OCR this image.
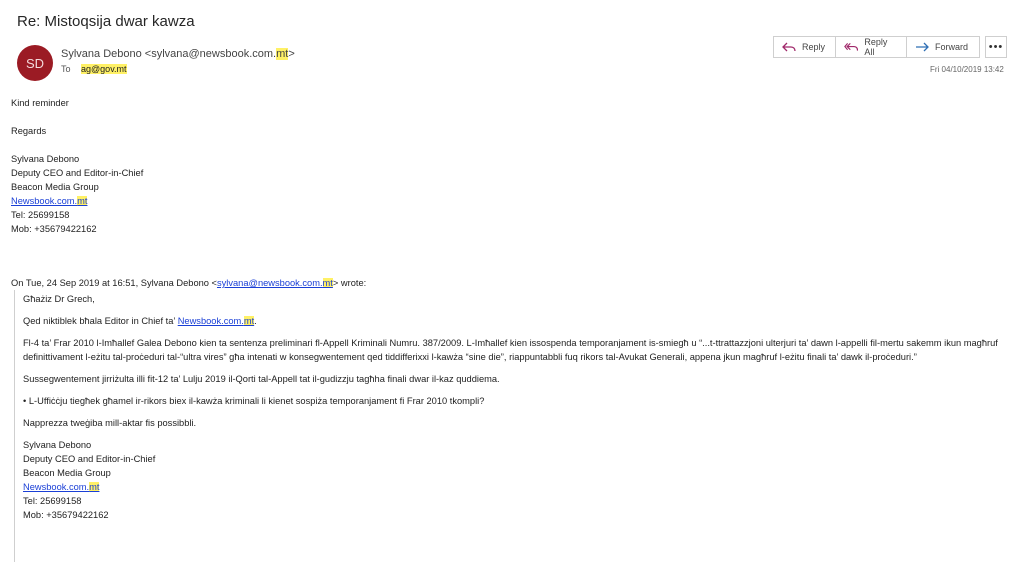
Re: Mistoqsija dwar kawza
SD
Sylvana Debono <sylvana@newsbook.com.mt>
To ag@gov.mt
Reply	Reply All	Forward	•••
Fri 04/10/2019 13:42

Kind reminder

Regards

Sylvana Debono

Deputy CEO and Editor-in-Chief

Beacon Media Group

Newsbook.com.mt

Tel: 25699158

Mob: +35679422162

On Tue, 24 Sep 2019 at 16:51, Sylvana Debono <sylvana@newsbook.com.mt> wrote:

Għażiz Dr Grech,

Qed niktiblek bħala Editor in Chief ta’ Newsbook.com.mt.

Fl-4 ta’ Frar 2010 l-Imħallef Galea Debono kien ta sentenza preliminari fl-Appell Kriminali Numru. 387/2009. L-Imħallef kien issospenda temporanjament is-smiegħ u “...t-ttrattazzjoni ulterjuri ta’ dawn l-appelli fil-mertu sakemm ikun magħruf definittivament l-eżitu tal-proċeduri tal-“ultra vires” għa intenati w konsegwentement qed tiddifferixxi l-kawża “sine die”, riappuntabbli fuq rikors tal-Avukat Generali, appena jkun magħruf l-eżitu finali ta’ dawk il-proċeduri.”

Sussegwentement jirriżulta illi fit-12 ta’ Lulju 2019 il-Qorti tal-Appell tat il-gudizzju tagħha finali dwar il-kaz quddiema.

• L-Uffiċċju tiegħek għamel ir-rikors biex il-kawża kriminali li kienet sospiża temporanjament fi Frar 2010 tkompli?

Napprezza tweġiba mill-aktar fis possibbli.

Sylvana Debono

Deputy CEO and Editor-in-Chief

Beacon Media Group

Newsbook.com.mt

Tel: 25699158

Mob: +35679422162
